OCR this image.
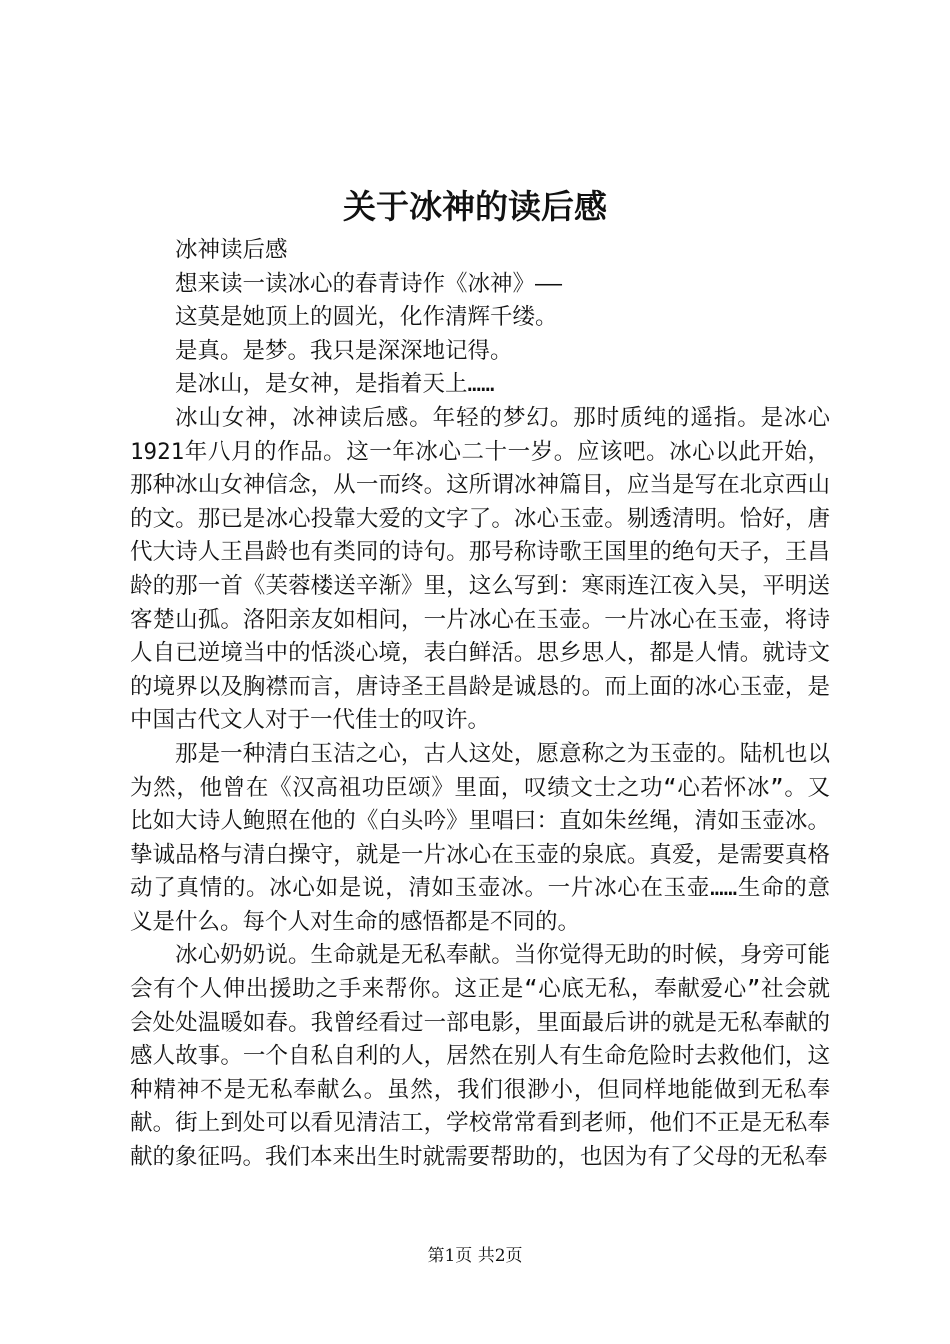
关于冰神的读后感

冰神读后感

想来读一读冰心的春青诗作《冰神》——

这莫是她顶上的圆光，化作清辉千缕。

是真。是梦。我只是深深地记得。

是冰山，是女神，是指着天上……

冰山女神，冰神读后感。年轻的梦幻。那时质纯的遥指。是冰心1921年八月的作品。这一年冰心二十一岁。应该吧。冰心以此开始，那种冰山女神信念，从一而终。这所谓冰神篇目，应当是写在北京西山的文。那已是冰心投靠大爱的文字了。冰心玉壶。剔透清明。恰好，唐代大诗人王昌龄也有类同的诗句。那号称诗歌王国里的绝句天子，王昌龄的那一首《芙蓉楼送辛渐》里，这么写到：寒雨连江夜入吴，平明送客楚山孤。洛阳亲友如相问，一片冰心在玉壶。一片冰心在玉壶，将诗人自已逆境当中的恬淡心境，表白鲜活。思乡思人，都是人情。就诗文的境界以及胸襟而言，唐诗圣王昌龄是诚恳的。而上面的冰心玉壶，是中国古代文人对于一代佳士的叹许。

那是一种清白玉洁之心，古人这处，愿意称之为玉壶的。陆机也以为然，他曾在《汉高祖功臣颂》里面，叹绩文士之功“心若怀冰”。又比如大诗人鲍照在他的《白头吟》里唱曰：直如朱丝绳，清如玉壶冰。挚诚品格与清白操守，就是一片冰心在玉壶的泉底。真爱，是需要真格动了真情的。冰心如是说，清如玉壶冰。一片冰心在玉壶……生命的意义是什么。每个人对生命的感悟都是不同的。

冰心奶奶说。生命就是无私奉献。当你觉得无助的时候，身旁可能会有个人伸出援助之手来帮你。这正是“心底无私，奉献爱心”社会就会处处温暖如春。我曾经看过一部电影，里面最后讲的就是无私奉献的感人故事。一个自私自利的人，居然在别人有生命危险时去救他们，这种精神不是无私奉献么。虽然，我们很渺小，但同样地能做到无私奉献。街上到处可以看见清洁工，学校常常看到老师，他们不正是无私奉献的象征吗。我们本来出生时就需要帮助的，也因为有了父母的无私奉

第1页 共2页
